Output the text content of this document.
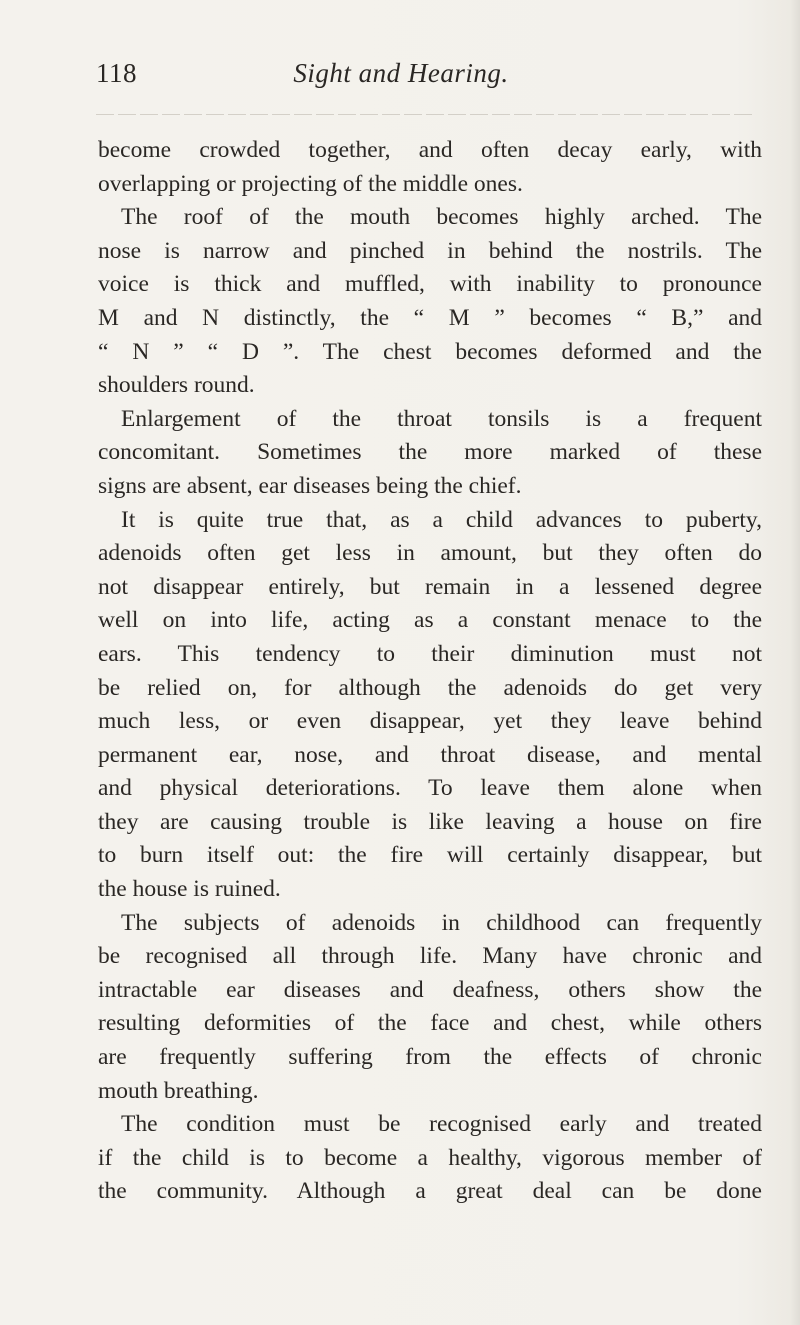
118	Sight and Hearing.
become crowded together, and often decay early, with
overlapping or projecting of the middle ones.
The roof of the mouth becomes highly arched. The
nose is narrow and pinched in behind the nostrils. The
voice is thick and muffled, with inability to pronounce
M and N distinctly, the “ M ” becomes “ B,” and
“ N ” “ D ”. The chest becomes deformed and the
shoulders round.
Enlargement of the throat tonsils is a frequent
concomitant. Sometimes the more marked of these
signs are absent, ear diseases being the chief.
It is quite true that, as a child advances to puberty,
adenoids often get less in amount, but they often do
not disappear entirely, but remain in a lessened degree
well on into life, acting as a constant menace to the
ears. This tendency to their diminution must not
be relied on, for although the adenoids do get very
much less, or even disappear, yet they leave behind
permanent ear, nose, and throat disease, and mental
and physical deteriorations. To leave them alone when
they are causing trouble is like leaving a house on fire
to burn itself out: the fire will certainly disappear, but
the house is ruined.
The subjects of adenoids in childhood can frequently
be recognised all through life. Many have chronic and
intractable ear diseases and deafness, others show the
resulting deformities of the face and chest, while others
are frequently suffering from the effects of chronic
mouth breathing.
The condition must be recognised early and treated
if the child is to become a healthy, vigorous member of
the community. Although a great deal can be done
